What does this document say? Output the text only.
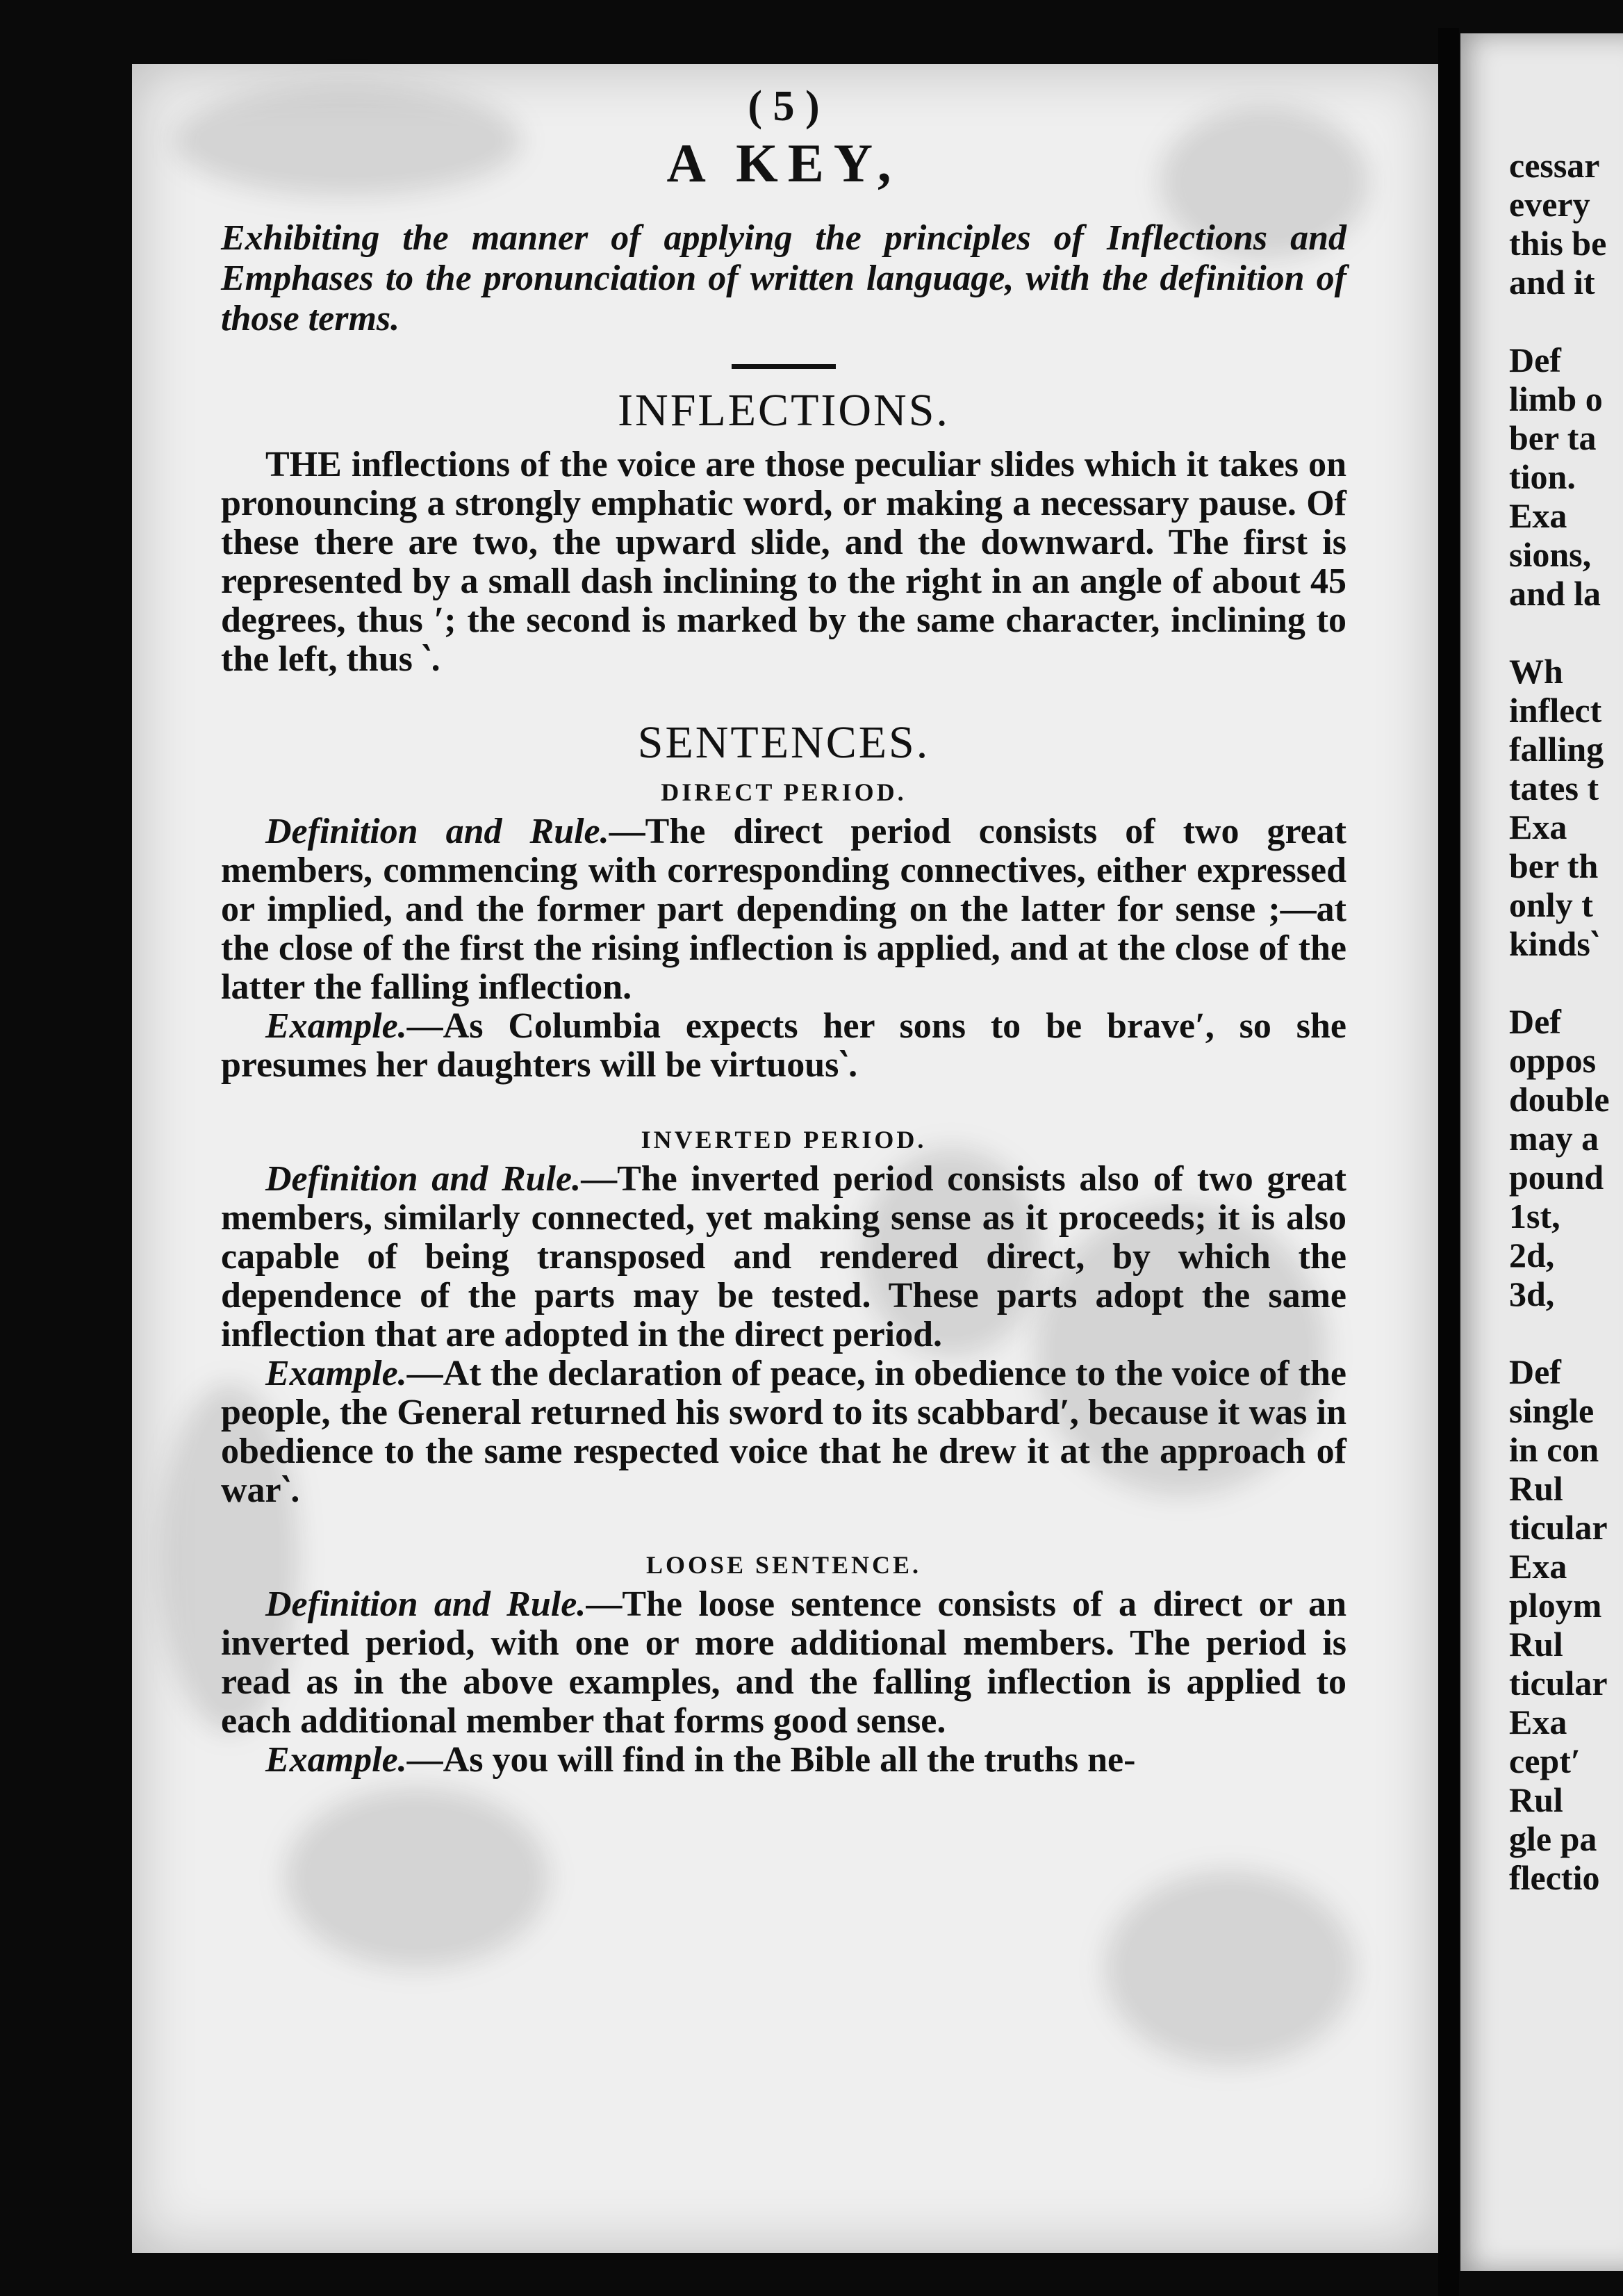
( 5 )
A KEY,
Exhibiting the manner of applying the principles of Inflections and Emphases to the pronunciation of written language, with the definition of those terms.
INFLECTIONS.

THE inflections of the voice are those peculiar slides which it takes on pronouncing a strongly emphatic word, or making a necessary pause. Of these there are two, the upward slide, and the downward. The first is represented by a small dash inclining to the right in an angle of about 45 degrees, thus ′; the second is marked by the same character, inclining to the left, thus ‵.

SENTENCES.
DIRECT PERIOD.

Definition and Rule.—The direct period consists of two great members, commencing with corresponding connectives, either expressed or implied, and the former part depending on the latter for sense ;—at the close of the first the rising inflection is applied, and at the close of the latter the falling inflection.

Example.—As Columbia expects her sons to be brave′, so she presumes her daughters will be virtuous‵.

INVERTED PERIOD.

Definition and Rule.—The inverted period consists also of two great members, similarly connected, yet making sense as it proceeds; it is also capable of being transposed and rendered direct, by which the dependence of the parts may be tested. These parts adopt the same inflection that are adopted in the direct period.

Example.—At the declaration of peace, in obedience to the voice of the people, the General returned his sword to its scabbard′, because it was in obedience to the same respected voice that he drew it at the approach of war‵.

LOOSE SENTENCE.

Definition and Rule.—The loose sentence consists of a direct or an inverted period, with one or more additional members. The period is read as in the above examples, and the falling inflection is applied to each additional member that forms good sense.

Example.—As you will find in the Bible all the truths ne-

cessar
every
this be
and it

Def
limb o
ber ta
tion.
Exa
sions,
and la

Wh
inflect
falling
tates t
Exa
ber th
only t
kinds‵

Def
oppos
double
may a
pound
1st,
2d,
3d,

Def
single
in con
Rul
ticular
Exa
ploym
Rul
ticular
Exa
cept′
Rul
gle pa
flectio
